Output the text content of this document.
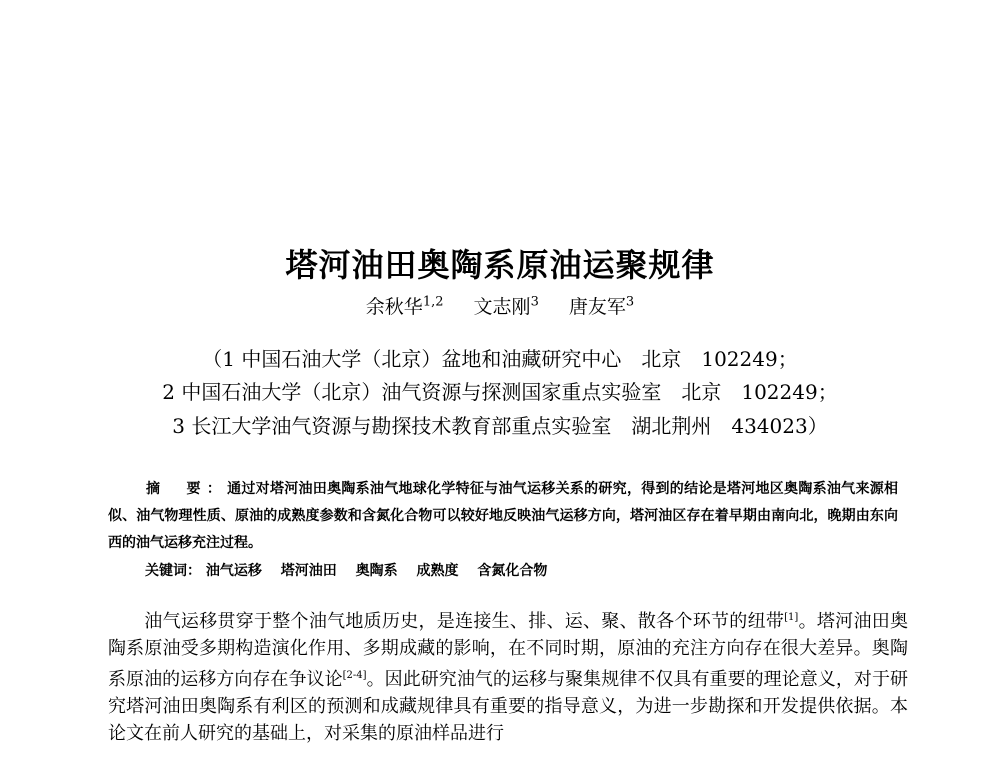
塔河油田奥陶系原油运聚规律
余秋华$^{1,2}$ 文志刚$^3$ 唐友军$^3$
（1 中国石油大学（北京）盆地和油藏研究中心　北京　102249；
2 中国石油大学（北京）油气资源与探测国家重点实验室　北京　102249；
3 长江大学油气资源与勘探技术教育部重点实验室　湖北荆州　434023）
摘　要：通过对塔河油田奥陶系油气地球化学特征与油气运移关系的研究，得到的结论是塔河地区奥陶系油气来源相似、油气物理性质、原油的成熟度参数和含氮化合物可以较好地反映油气运移方向，塔河油区存在着早期由南向北，晚期由东向西的油气运移充注过程。
关键词： 油气运移 塔河油田 奥陶系 成熟度 含氮化合物
油气运移贯穿于整个油气地质历史，是连接生、排、运、聚、散各个环节的纽带[1]。塔河油田奥陶系原油受多期构造演化作用、多期成藏的影响，在不同时期，原油的充注方向存在很大差异。奥陶系原油的运移方向存在争议论[2-4]。因此研究油气的运移与聚集规律不仅具有重要的理论意义，对于研究塔河油田奥陶系有利区的预测和成藏规律具有重要的指导意义，为进一步勘探和开发提供依据。本论文在前人研究的基础上，对采集的原油样品进行
